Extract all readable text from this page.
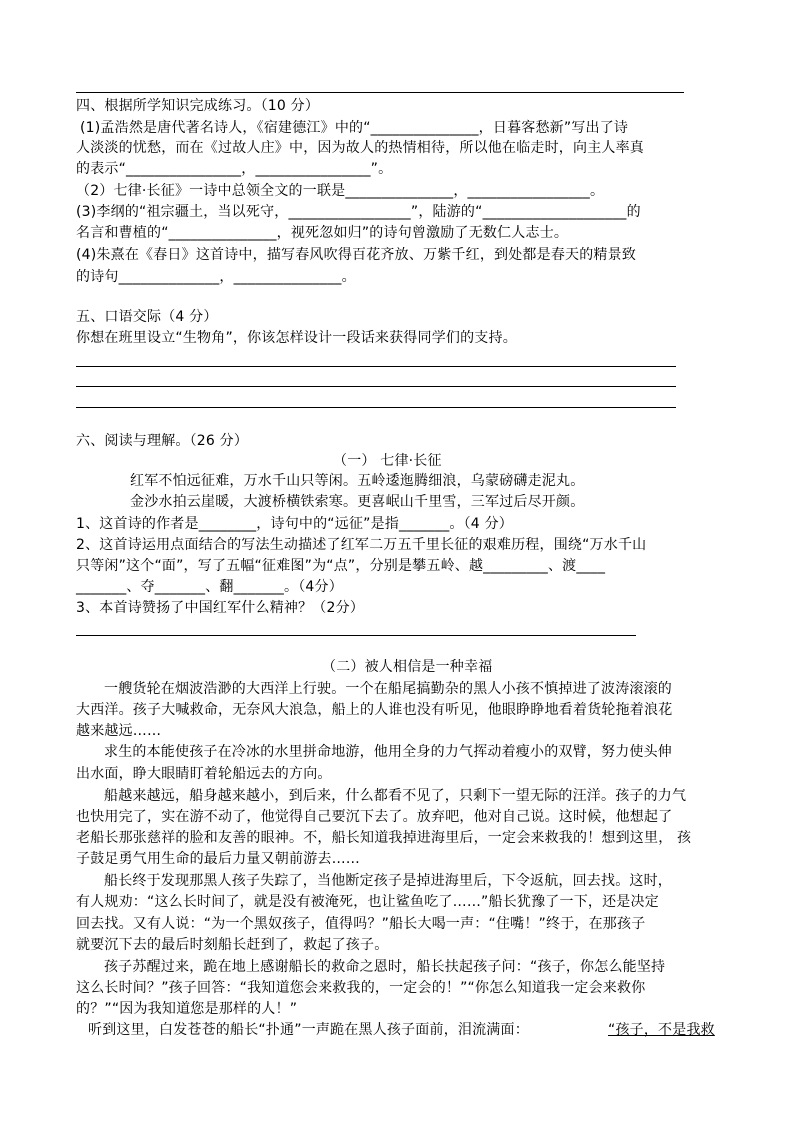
四、根据所学知识完成练习。（10 分）
(1)孟浩然是唐代著名诗人，《宿建德江》中的“_______________，日暮客愁新”写出了诗
人淡淡的忧愁，而在《过故人庄》中，因为故人的热情相待，所以他在临走时，向主人率真
的表示“________________，________________”。
（2）七律·长征》一诗中总领全文的一联是_______________，_________________。
(3)李纲的“祖宗疆土，当以死守，_________________”，陆游的“____________________的
名言和曹植的“_______________，视死忽如归”的诗句曾激励了无数仁人志士。
(4)朱熹在《春日》这首诗中，描写春风吹得百花齐放、万紫千红，到处都是春天的精景致
的诗句______________，_______________。
五、口语交际（4 分）
你想在班里设立“生物角”，你该怎样设计一段话来获得同学们的支持。
六、阅读与理解。（26 分）
（一） 七律·长征
红军不怕远征难，万水千山只等闲。五岭逶迤腾细浪，乌蒙磅礴走泥丸。
金沙水拍云崖暖，大渡桥横铁索寒。更喜岷山千里雪，三军过后尽开颜。
1、这首诗的作者是________，诗句中的“远征”是指_______。（4 分）
2、这首诗运用点面结合的写法生动描述了红军二万五千里长征的艰难历程，围绕“万水千山
只等闲”这个“面”，写了五幅“征难图”为“点”，分别是攀五岭、越_________、渡____
_______、夺_______、翻_______。（4分）
3、本首诗赞扬了中国红军什么精神？（2分）
（二）被人相信是一种幸福
一艘货轮在烟波浩渺的大西洋上行驶。一个在船尾搞勤杂的黑人小孩不慎掉进了波涛滚滚的
大西洋。孩子大喊救命，无奈风大浪急，船上的人谁也没有听见，他眼睁睁地看着货轮拖着浪花
越来越远……
求生的本能使孩子在冷冰的水里拼命地游，他用全身的力气挥动着瘦小的双臂，努力使头伸
出水面，睁大眼睛盯着轮船远去的方向。
船越来越远，船身越来越小，到后来，什么都看不见了，只剩下一望无际的汪洋。孩子的力气
也快用完了，实在游不动了，他觉得自己要沉下去了。放弃吧，他对自己说。这时候，他想起了
老船长那张慈祥的脸和友善的眼神。不，船长知道我掉进海里后，一定会来救我的！想到这里， 孩
子鼓足勇气用生命的最后力量又朝前游去……
船长终于发现那黑人孩子失踪了，当他断定孩子是掉进海里后，下令返航，回去找。这时，
有人规劝：“这么长时间了，就是没有被淹死，也让鲨鱼吃了……”船长犹豫了一下，还是决定
回去找。又有人说：“为一个黑奴孩子，值得吗？”船长大喝一声：“住嘴！”终于，在那孩子
就要沉下去的最后时刻船长赶到了，救起了孩子。
孩子苏醒过来，跪在地上感谢船长的救命之恩时，船长扶起孩子问：“孩子，你怎么能坚持
这么长时间？”孩子回答：“我知道您会来救我的，一定会的！”“你怎么知道我一定会来救你
的？”“因为我知道您是那样的人！”
听到这里，白发苍苍的船长“扑通”一声跪在黑人孩子面前，泪流满面：	“孩子，不是我救
